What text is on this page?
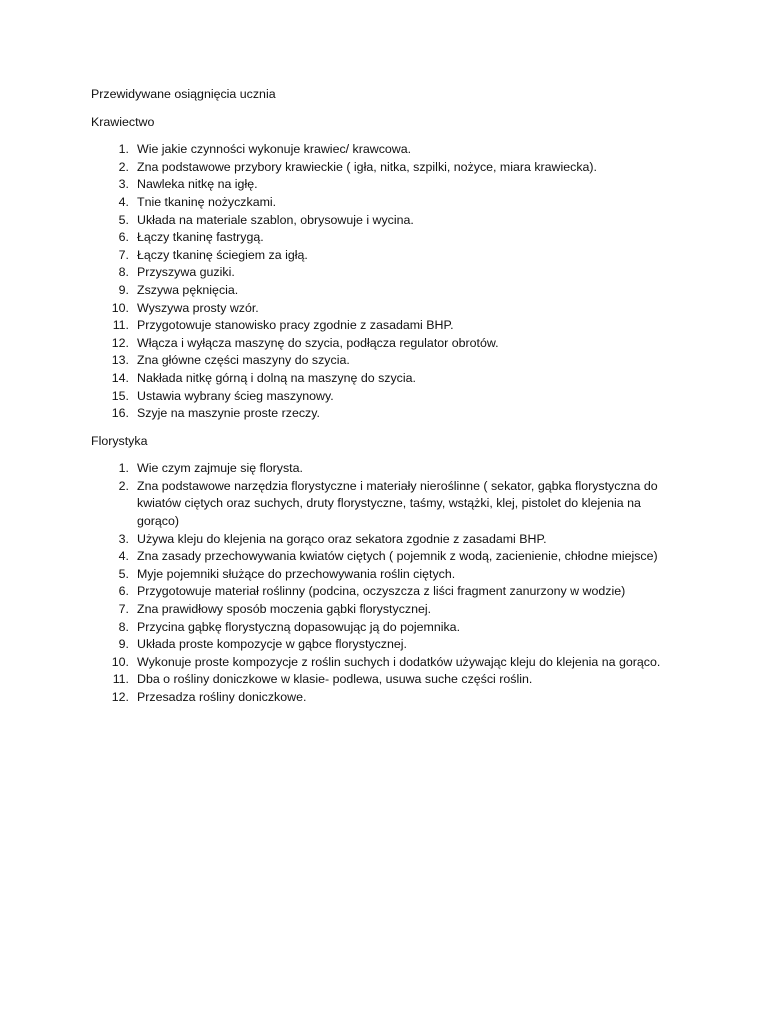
Przewidywane osiągnięcia ucznia

Krawiectwo

1. Wie jakie czynności wykonuje krawiec/ krawcowa.
2. Zna podstawowe przybory krawieckie ( igła, nitka, szpilki, nożyce, miara krawiecka).
3. Nawleka nitkę na igłę.
4. Tnie tkaninę nożyczkami.
5. Układa na materiale szablon, obrysowuje i wycina.
6. Łączy tkaninę fastrygą.
7. Łączy tkaninę ściegiem za igłą.
8. Przyszywa guziki.
9. Zszywa pęknięcia.
10. Wyszywa prosty wzór.
11. Przygotowuje stanowisko pracy zgodnie z zasadami BHP.
12. Włącza i wyłącza maszynę do szycia, podłącza regulator obrotów.
13. Zna główne części maszyny do szycia.
14. Nakłada nitkę górną i dolną na maszynę do szycia.
15. Ustawia wybrany ścieg maszynowy.
16. Szyje na maszynie proste rzeczy.

Florystyka

1. Wie czym zajmuje się florysta.
2. Zna podstawowe narzędzia florystyczne i materiały nieroślinne ( sekator, gąbka florystyczna do kwiatów ciętych oraz suchych, druty florystyczne, taśmy, wstążki, klej, pistolet do klejenia na gorąco)
3. Używa kleju do klejenia na gorąco oraz sekatora zgodnie z zasadami BHP.
4. Zna zasady przechowywania kwiatów ciętych ( pojemnik z wodą, zacienienie, chłodne miejsce)
5. Myje pojemniki służące do przechowywania roślin ciętych.
6. Przygotowuje materiał roślinny (podcina, oczyszcza z liści fragment zanurzony w wodzie)
7. Zna prawidłowy sposób moczenia gąbki florystycznej.
8. Przycina gąbkę florystyczną dopasowując ją do pojemnika.
9. Układa proste kompozycje w gąbce florystycznej.
10. Wykonuje proste kompozycje z roślin suchych i dodatków używając kleju do klejenia na gorąco.
11. Dba o rośliny doniczkowe w klasie- podlewa, usuwa suche części roślin.
12. Przesadza rośliny doniczkowe.
